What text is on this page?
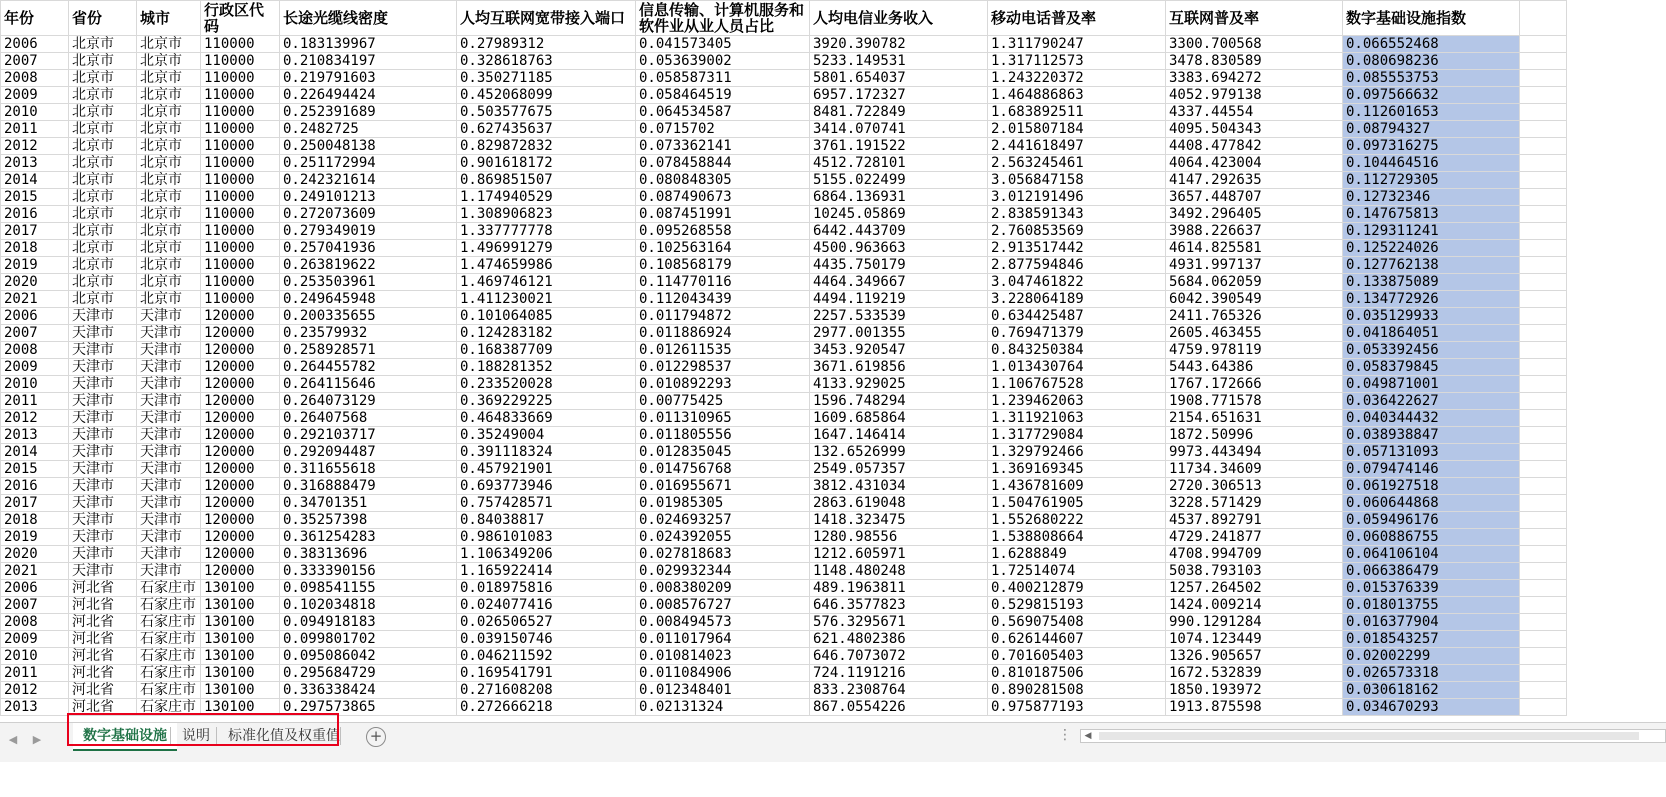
年份	省份	城市	行政区代码	长途光缆线密度	人均互联网宽带接入端口	信息传输、计算机服务和软件业从业人员占比	人均电信业务收入	移动电话普及率	互联网普及率	数字基础设施指数	
2006	北京市	北京市	110000	0.183139967	0.27989312	0.041573405	3920.390782	1.311790247	3300.700568	0.066552468	
2007	北京市	北京市	110000	0.210834197	0.328618763	0.053639002	5233.149531	1.317112573	3478.830589	0.080698236	
2008	北京市	北京市	110000	0.219791603	0.350271185	0.058587311	5801.654037	1.243220372	3383.694272	0.085553753	
2009	北京市	北京市	110000	0.226494424	0.452068099	0.058464519	6957.172327	1.464886863	4052.979138	0.097566632	
2010	北京市	北京市	110000	0.252391689	0.503577675	0.064534587	8481.722849	1.683892511	4337.44554	0.112601653	
2011	北京市	北京市	110000	0.2482725	0.627435637	0.0715702	3414.070741	2.015807184	4095.504343	0.08794327	
2012	北京市	北京市	110000	0.250048138	0.829872832	0.073362141	3761.191522	2.441618497	4408.477842	0.097316275	
2013	北京市	北京市	110000	0.251172994	0.901618172	0.078458844	4512.728101	2.563245461	4064.423004	0.104464516	
2014	北京市	北京市	110000	0.242321614	0.869851507	0.080848305	5155.022499	3.056847158	4147.292635	0.112729305	
2015	北京市	北京市	110000	0.249101213	1.174940529	0.087490673	6864.136931	3.012191496	3657.448707	0.12732346	
2016	北京市	北京市	110000	0.272073609	1.308906823	0.087451991	10245.05869	2.838591343	3492.296405	0.147675813	
2017	北京市	北京市	110000	0.279349019	1.337777778	0.095268558	6442.443709	2.760853569	3988.226637	0.129311241	
2018	北京市	北京市	110000	0.257041936	1.496991279	0.102563164	4500.963663	2.913517442	4614.825581	0.125224026	
2019	北京市	北京市	110000	0.263819622	1.474659986	0.108568179	4435.750179	2.877594846	4931.997137	0.127762138	
2020	北京市	北京市	110000	0.253503961	1.469746121	0.114770116	4464.349667	3.047461822	5684.062059	0.133875089	
2021	北京市	北京市	110000	0.249645948	1.411230021	0.112043439	4494.119219	3.228064189	6042.390549	0.134772926	
2006	天津市	天津市	120000	0.200335655	0.101064085	0.011794872	2257.533539	0.634425487	2411.765326	0.035129933	
2007	天津市	天津市	120000	0.23579932	0.124283182	0.011886924	2977.001355	0.769471379	2605.463455	0.041864051	
2008	天津市	天津市	120000	0.258928571	0.168387709	0.012611535	3453.920547	0.843250384	4759.978119	0.053392456	
2009	天津市	天津市	120000	0.264455782	0.188281352	0.012298537	3671.619856	1.013430764	5443.64386	0.058379845	
2010	天津市	天津市	120000	0.264115646	0.233520028	0.010892293	4133.929025	1.106767528	1767.172666	0.049871001	
2011	天津市	天津市	120000	0.264073129	0.369229225	0.00775425	1596.748294	1.239462063	1908.771578	0.036422627	
2012	天津市	天津市	120000	0.26407568	0.464833669	0.011310965	1609.685864	1.311921063	2154.651631	0.040344432	
2013	天津市	天津市	120000	0.292103717	0.35249004	0.011805556	1647.146414	1.317729084	1872.50996	0.038938847	
2014	天津市	天津市	120000	0.292094487	0.391118324	0.012835045	132.6526999	1.329792466	9973.443494	0.057131093	
2015	天津市	天津市	120000	0.311655618	0.457921901	0.014756768	2549.057357	1.369169345	11734.34609	0.079474146	
2016	天津市	天津市	120000	0.316888479	0.693773946	0.016955671	3812.431034	1.436781609	2720.306513	0.061927518	
2017	天津市	天津市	120000	0.34701351	0.757428571	0.01985305	2863.619048	1.504761905	3228.571429	0.060644868	
2018	天津市	天津市	120000	0.35257398	0.84038817	0.024693257	1418.323475	1.552680222	4537.892791	0.059496176	
2019	天津市	天津市	120000	0.361254283	0.986101083	0.024392055	1280.98556	1.538808664	4729.241877	0.060886755	
2020	天津市	天津市	120000	0.38313696	1.106349206	0.027818683	1212.605971	1.6288849	4708.994709	0.064106104	
2021	天津市	天津市	120000	0.333390156	1.165922414	0.029932344	1148.480248	1.72514074	5038.793103	0.066386479	
2006	河北省	石家庄市	130100	0.098541155	0.018975816	0.008380209	489.1963811	0.400212879	1257.264502	0.015376339	
2007	河北省	石家庄市	130100	0.102034818	0.024077416	0.008576727	646.3577823	0.529815193	1424.009214	0.018013755	
2008	河北省	石家庄市	130100	0.094918183	0.026506527	0.008494573	576.3295671	0.569075408	990.1291284	0.016377904	
2009	河北省	石家庄市	130100	0.099801702	0.039150746	0.011017964	621.4802386	0.626144607	1074.123449	0.018543257	
2010	河北省	石家庄市	130100	0.095086042	0.046211592	0.010814023	646.7073072	0.701605403	1326.905657	0.02002299	
2011	河北省	石家庄市	130100	0.295684729	0.169541791	0.011084906	724.1191216	0.810187506	1672.532839	0.026573318	
2012	河北省	石家庄市	130100	0.336338424	0.271608208	0.012348401	833.2308764	0.890281508	1850.193972	0.030618162	
2013	河北省	石家庄市	130100	0.297573865	0.272666218	0.02131324	867.0554226	0.975877193	1913.875598	0.034670293	
◀ ▶	数字基础设施	说明	标准化值及权重值	+	⋮	◀
